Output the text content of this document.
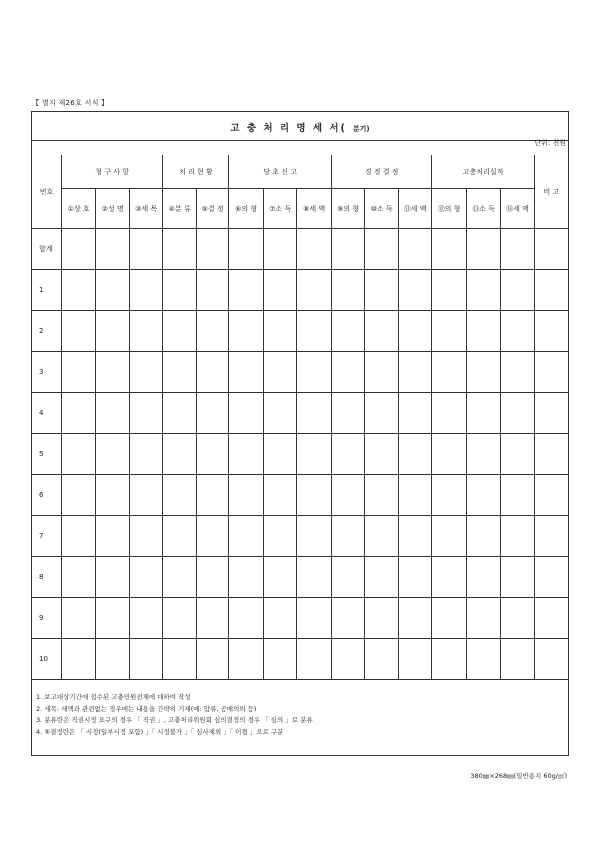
【 별지 제26호 서식 】
고 충 처 리 명 세 서( 분기)
단위: 천원
번호	청 구 사 항			처 리 현 황		당 초 신 고			경 정 결 정			고충처리실적			비 고
	①상 호	②성 명	③세 목	④분 류	⑤결 정	⑥의 형	⑦소 득	⑧세 액	⑨의 형	⑩소 득	⑪세 액	⑫의 형	⑬소 득	⑭세 액	
합계															
1															
2															
3															
4															
5															
6															
7															
8															
9															
10															
1. 보고대상기간에 접수된 고충민원전체에 대하여 작성
2. 세목: 세액과 관련없는 경우에는 내용을 간략히 기재(예: 압류, 공매의뢰 등)
3. 분류란은 직권시정 요구의 경우 「 직권 」, 고충처리위원회 심의결정의 경우 「 심의 」로 분류
4. ⑤결정란은 「 시정(일부시정 포함) 」「 시정불가 」「 심사제외 」「 이첩 」으로 구분
380㎜×268㎜(일반용지 60g/㎡)
